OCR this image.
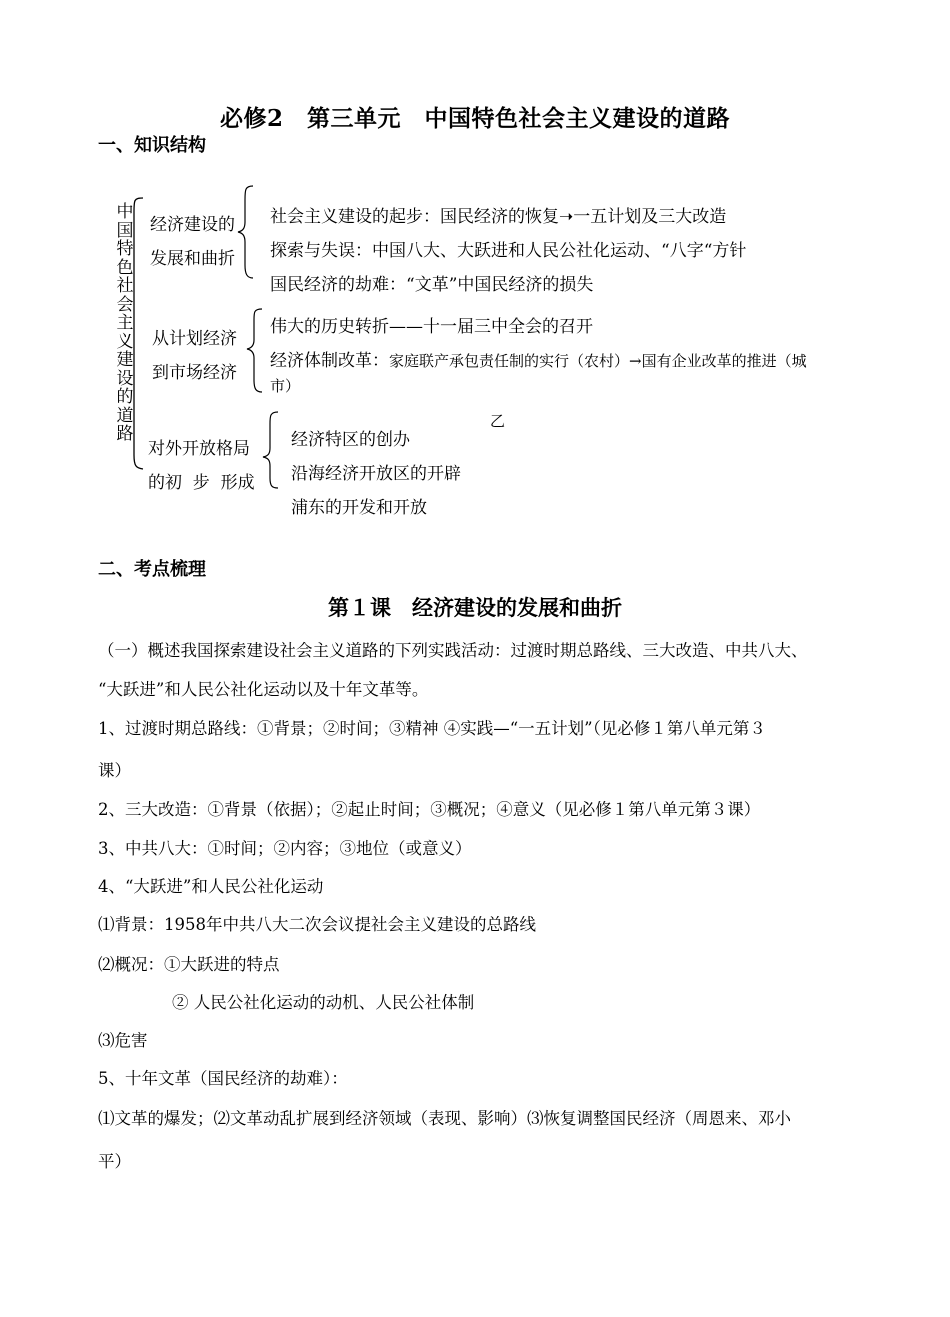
必修2　第三单元　中国特色社会主义建设的道路
一、知识结构
中
国
特
色
社
会
主
义
建
设
的
道
路
经济建设的
发展和曲折
社会主义建设的起步：国民经济的恢复➝一五计划及三大改造
探索与失误：中国八大、大跃进和人民公社化运动、“八字“方针
国民经济的劫难：“文革”中国民经济的损失
从计划经济
到市场经济
伟大的历史转折——十一届三中全会的召开
经济体制改革：家庭联产承包责任制的实行（农村）→国有企业改革的推进（城
市）
对外开放格局
的初  步  形成
乙
经济特区的创办
沿海经济开放区的开辟
浦东的开发和开放
二、考点梳理
第１课　经济建设的发展和曲折
（一）概述我国探索建设社会主义道路的下列实践活动：过渡时期总路线、三大改造、中共八大、
“大跃进”和人民公社化运动以及十年文革等。
1、过渡时期总路线：①背景；②时间；③精神 ④实践—“一五计划”（见必修１第八单元第３
课）
2、三大改造：①背景（依据）；②起止时间；③概况；④意义（见必修１第八单元第３课）
3、中共八大：①时间；②内容；③地位（或意义）
4、“大跃进”和人民公社化运动
⑴背景：1958年中共八大二次会议提社会主义建设的总路线
⑵概况：①大跃进的特点
② 人民公社化运动的动机、人民公社体制
⑶危害
5、十年文革（国民经济的劫难）：
⑴文革的爆发；⑵文革动乱扩展到经济领域（表现、影响）⑶恢复调整国民经济（周恩来、邓小
平）
